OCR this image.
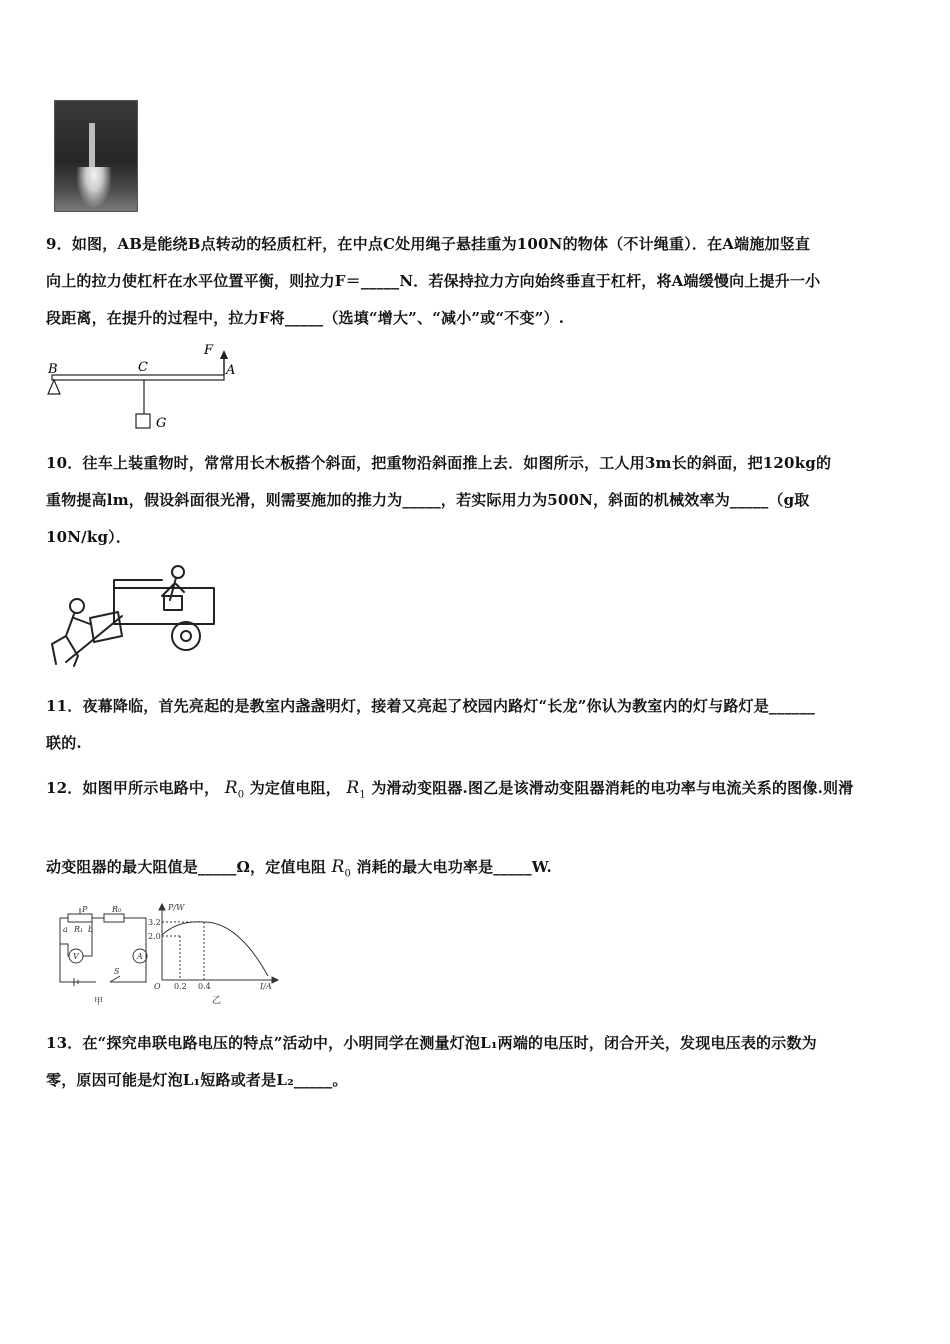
9．如图，AB是能绕B点转动的轻质杠杆，在中点C处用绳子悬挂重为100N的物体（不计绳重）．在A端施加竖直
向上的拉力使杠杆在水平位置平衡，则拉力F＝_____N．若保持拉力方向始终垂直于杠杆，将A端缓慢向上提升一小
段距离，在提升的过程中，拉力F将_____（选填“增大”、“减小”或“不变”）.
B	C
F
A
G
10．往车上装重物时，常常用长木板搭个斜面，把重物沿斜面推上去．如图所示，工人用3m长的斜面，把120kg的
重物提高lm，假设斜面很光滑，则需要施加的推力为_____，若实际用力为500N，斜面的机械效率为_____（g取
10N/kg）．
11．夜幕降临，首先亮起的是教室内盏盏明灯，接着又亮起了校园内路灯“长龙”你认为教室内的灯与路灯是______
联的.
12．如图甲所示电路中， $R_0$ 为定值电阻， $R_1$ 为滑动变阻器.图乙是该滑动变阻器消耗的电功率与电流关系的图像.则滑
动变阻器的最大阻值是_____Ω，定值电阻 $R_0$ 消耗的最大电功率是_____W.
P	R₀
a R₁ b
V	A
S
甲
P/W
3.2
2.0
O 0.2 0.4	I/A
乙
13．在“探究串联电路电压的特点”活动中，小明同学在测量灯泡L₁两端的电压时，闭合开关，发现电压表的示数为
零，原因可能是灯泡L₁短路或者是L₂_____。
